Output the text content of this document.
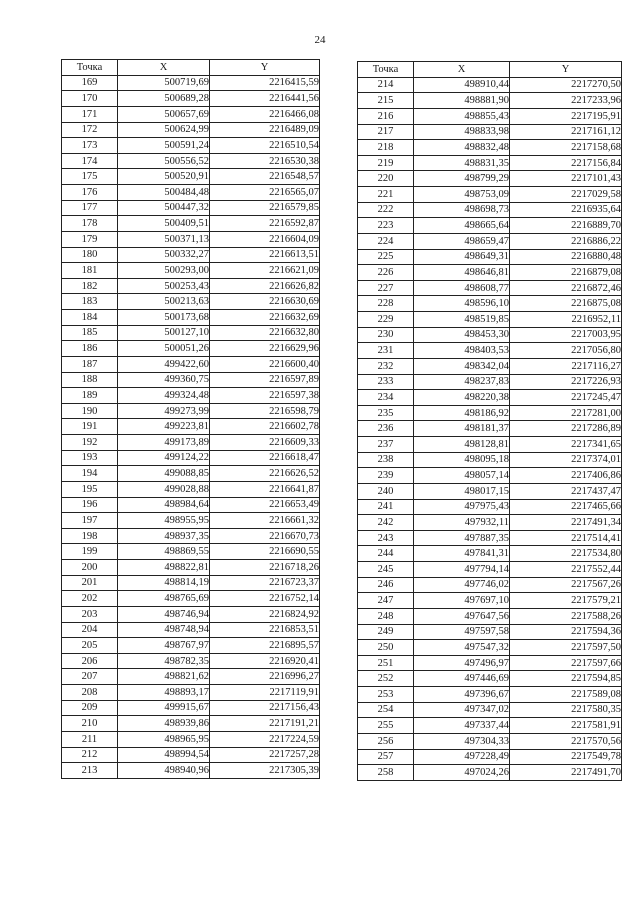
24
Точка	X	Y
169	500719,69	2216415,59
170	500689,28	2216441,56
171	500657,69	2216466,08
172	500624,99	2216489,09
173	500591,24	2216510,54
174	500556,52	2216530,38
175	500520,91	2216548,57
176	500484,48	2216565,07
177	500447,32	2216579,85
178	500409,51	2216592,87
179	500371,13	2216604,09
180	500332,27	2216613,51
181	500293,00	2216621,09
182	500253,43	2216626,82
183	500213,63	2216630,69
184	500173,68	2216632,69
185	500127,10	2216632,80
186	500051,26	2216629,96
187	499422,60	2216600,40
188	499360,75	2216597,89
189	499324,48	2216597,38
190	499273,99	2216598,79
191	499223,81	2216602,78
192	499173,89	2216609,33
193	499124,22	2216618,47
194	499088,85	2216626,52
195	499028,88	2216641,87
196	498984,64	2216653,49
197	498955,95	2216661,32
198	498937,35	2216670,73
199	498869,55	2216690,55
200	498822,81	2216718,26
201	498814,19	2216723,37
202	498765,69	2216752,14
203	498746,94	2216824,92
204	498748,94	2216853,51
205	498767,97	2216895,57
206	498782,35	2216920,41
207	498821,62	2216996,27
208	498893,17	2217119,91
209	499915,67	2217156,43
210	498939,86	2217191,21
211	498965,95	2217224,59
212	498994,54	2217257,28
213	498940,96	2217305,39
Точка	X	Y
214	498910,44	2217270,50
215	498881,90	2217233,96
216	498855,43	2217195,91
217	498833,98	2217161,12
218	498832,48	2217158,68
219	498831,35	2217156,84
220	498799,29	2217101,43
221	498753,09	2217029,58
222	498698,73	2216935,64
223	498665,64	2216889,70
224	498659,47	2216886,22
225	498649,31	2216880,48
226	498646,81	2216879,08
227	498608,77	2216872,46
228	498596,10	2216875,08
229	498519,85	2216952,11
230	498453,30	2217003,95
231	498403,53	2217056,80
232	498342,04	2217116,27
233	498237,83	2217226,93
234	498220,38	2217245,47
235	498186,92	2217281,00
236	498181,37	2217286,89
237	498128,81	2217341,65
238	498095,18	2217374,01
239	498057,14	2217406,86
240	498017,15	2217437,47
241	497975,43	2217465,66
242	497932,11	2217491,34
243	497887,35	2217514,41
244	497841,31	2217534,80
245	497794,14	2217552,44
246	497746,02	2217567,26
247	497697,10	2217579,21
248	497647,56	2217588,26
249	497597,58	2217594,36
250	497547,32	2217597,50
251	497496,97	2217597,66
252	497446,69	2217594,85
253	497396,67	2217589,08
254	497347,02	2217580,35
255	497337,44	2217581,91
256	497304,33	2217570,56
257	497228,49	2217549,78
258	497024,26	2217491,70
